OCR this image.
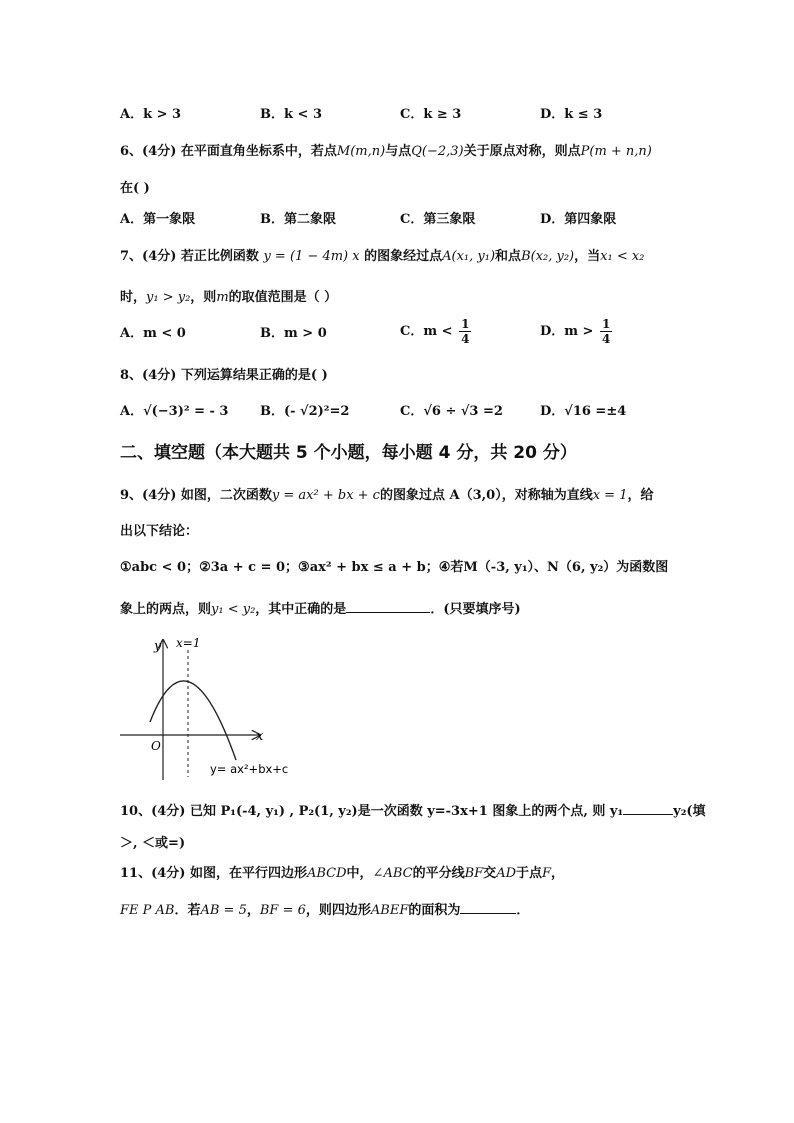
A．k > 3	B．k < 3	C．k ≥ 3	D．k ≤ 3
6、(4分) 在平面直角坐标系中，若点M(m,n)与点Q(−2,3)关于原点对称，则点P(m + n,n)
在( )
A．第一象限	B．第二象限	C．第三象限	D．第四象限
7、(4分) 若正比例函数 y = (1 − 4m) x 的图象经过点A(x₁, y₁)和点B(x₂, y₂)，当x₁ < x₂
时，y₁ > y₂，则m的取值范围是（ ）
A．m < 0	B．m > 0	C．$m < \frac{1}{4}$	D．$m > \frac{1}{4}$
8、(4分) 下列运算结果正确的是( )
A．√(−3)² = - 3	B．(- √2)²=2	C．√6 ÷ √3 =2	D．√16 =±4
二、填空题（本大题共 5 个小题，每小题 4 分，共 20 分）
9、(4分) 如图，二次函数y = ax² + bx + c的图象过点 A（3,0），对称轴为直线x = 1，给
出以下结论：
①abc < 0；②3a + c = 0；③ax² + bx ≤ a + b；④若M（-3, y₁）、N（6, y₂）为函数图
象上的两点，则y₁ < y₂，其中正确的是	．(只要填序号)
y x=1
x
O
y= ax²+bx+c
10、(4分) 已知 P₁(-4, y₁) , P₂(1, y₂)是一次函数 y=-3x+1 图象上的两个点, 则 y₁	y₂(填
＞, ＜或=)
11、(4分) 如图，在平行四边形ABCD中，∠ABC的平分线BF交AD于点F，
FE P AB．若AB = 5，BF = 6，则四边形ABEF的面积为	．
